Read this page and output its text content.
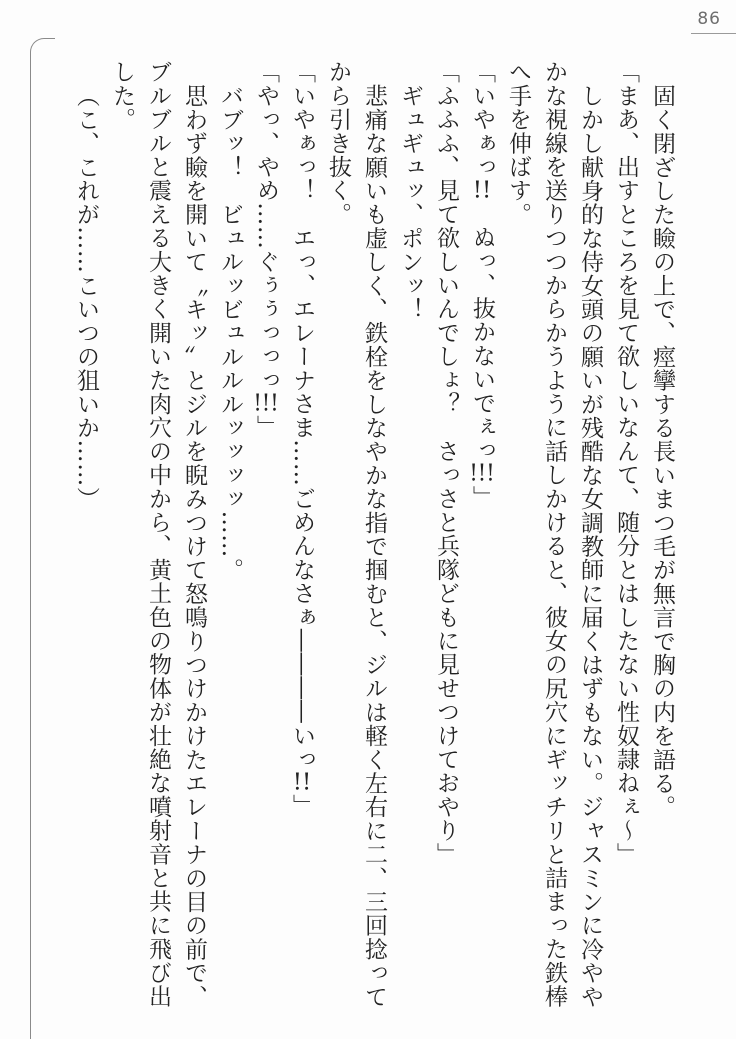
86
固く閉ざした瞼の上で、痙攣する長いまつ毛が無言で胸の内を語る。
「まあ、出すところを見て欲しいなんて、随分とはしたない性奴隷ねぇ〜」
しかし献身的な侍女頭の願いが残酷な女調教師に届くはずもない。ジャスミンに冷やや
かな視線を送りつつからかうように話しかけると、彼女の尻穴にギッチリと詰まった鉄棒
へ手を伸ばす。
「いやぁっ!!　ぬっ、抜かないでぇっ!!!」
「ふふふ、見て欲しいんでしょ？　さっさと兵隊どもに見せつけておやり」
ギュギュッ、ポンッ！
悲痛な願いも虚しく、鉄栓をしなやかな指で掴むと、ジルは軽く左右に二、三回捻って
から引き抜く。
「いやぁっ！　エっ、エレーナさま……ごめんなさぁ――――いっ!!」
「やっ、やめ……ぐぅぅっっっ!!!」
バブッ！　ビュルッビュルルルッッッッ……。
思わず瞼を開いて〝キッ〟とジルを睨みつけて怒鳴りつけかけたエレーナの目の前で、
ブルブルと震える大きく開いた肉穴の中から、黄土色の物体が壮絶な噴射音と共に飛び出
した。
（こ、これが……こいつの狙いか……）
